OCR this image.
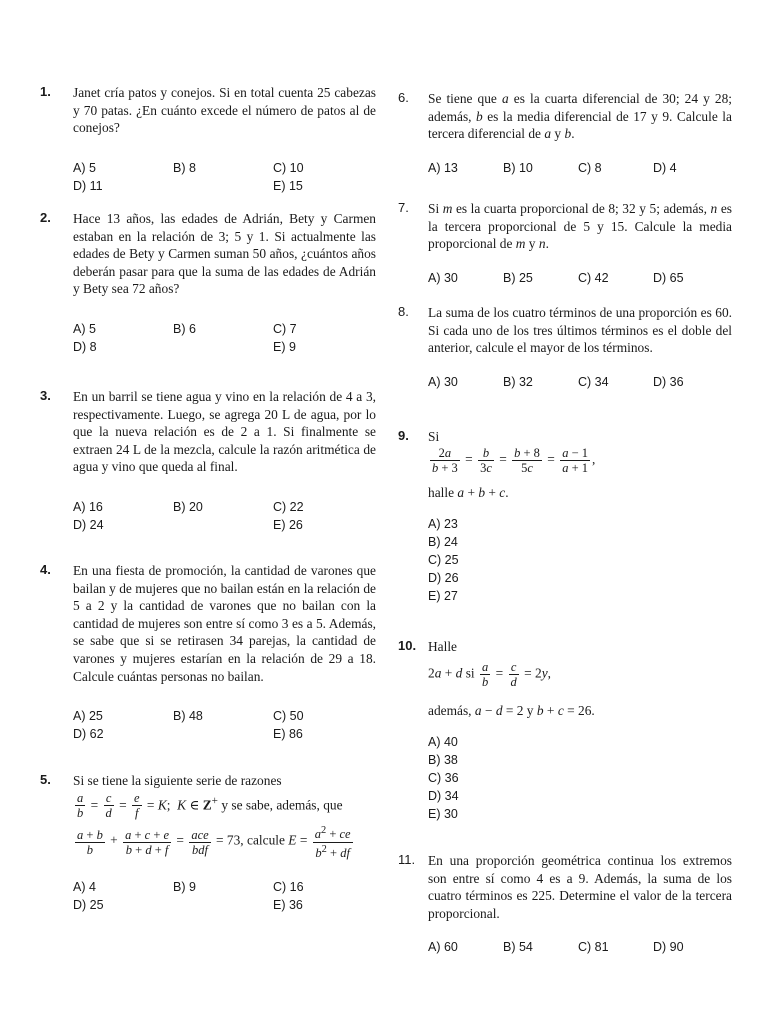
1. Janet cría patos y conejos. Si en total cuenta 25 cabezas y 70 patas. ¿En cuánto excede el número de patos al de conejos?
A) 5	B) 8	C) 10
D) 11	E) 15
2. Hace 13 años, las edades de Adrián, Bety y Carmen estaban en la relación de 3; 5 y 1. Si actualmente las edades de Bety y Carmen suman 50 años, ¿cuántos años deberán pasar para que la suma de las edades de Adrián y Bety sea 72 años?
A) 5	B) 6	C) 7
D) 8	E) 9
3. En un barril se tiene agua y vino en la relación de 4 a 3, respectivamente. Luego, se agrega 20 L de agua, por lo que la nueva relación es de 2 a 1. Si finalmente se extraen 24 L de la mezcla, calcule la razón aritmética de agua y vino que queda al final.
A) 16	B) 20	C) 22
D) 24	E) 26
4. En una fiesta de promoción, la cantidad de varones que bailan y de mujeres que no bailan están en la relación de 5 a 2 y la cantidad de varones que no bailan con la cantidad de mujeres son entre sí como 3 es a 5. Además, se sabe que si se retirasen 34 parejas, la cantidad de varones y mujeres estarían en la relación de 29 a 18. Calcule cuántas personas no bailan.
A) 25	B) 48	C) 50
D) 62	E) 86
5. Si se tiene la siguiente serie de razones
$\frac{a}{b} = \frac{c}{d} = \frac{e}{f} = K$;  K ∈ Z+ y se sabe, además, que
$\frac{a + b}{b} + \frac{a + c + e}{b + d + f} = \frac{\text{ace}}{\text{bdf}} = 73$, calcule $E = \frac{a^2 + ce}{b^2 + df}$
A) 4	B) 9	C) 16
D) 25	E) 36
6. Se tiene que a es la cuarta diferencial de 30; 24 y 28; además, b es la media diferencial de 17 y 9. Calcule la tercera diferencial de a y b.
A) 13	B) 10	C) 8	D) 4
7. Si m es la cuarta proporcional de 8; 32 y 5; además, n es la tercera proporcional de 5 y 15. Calcule la media proporcional de m y n.
A) 30	B) 25	C) 42	D) 65
8. La suma de los cuatro términos de una proporción es 60. Si cada uno de los tres últimos términos es el doble del anterior, calcule el mayor de los términos.
A) 30	B) 32	C) 34	D) 36
9. Si
$\frac{2a}{b + 3} = \frac{b}{3c} = \frac{b + 8}{5c} = \frac{a - 1}{a + 1}$ ,
halle a + b + c.
A) 23
B) 24
C) 25
D) 26
E) 27
10. Halle
2a + d si $\frac{a}{b} = \frac{c}{d} = 2y$,
además, a − d = 2 y b + c = 26.
A) 40
B) 38
C) 36
D) 34
E) 30
11. En una proporción geométrica continua los extremos son entre sí como 4 es a 9. Además, la suma de los cuatro términos es 225. Determine el valor de la tercera proporcional.
A) 60	B) 54	C) 81	D) 90
